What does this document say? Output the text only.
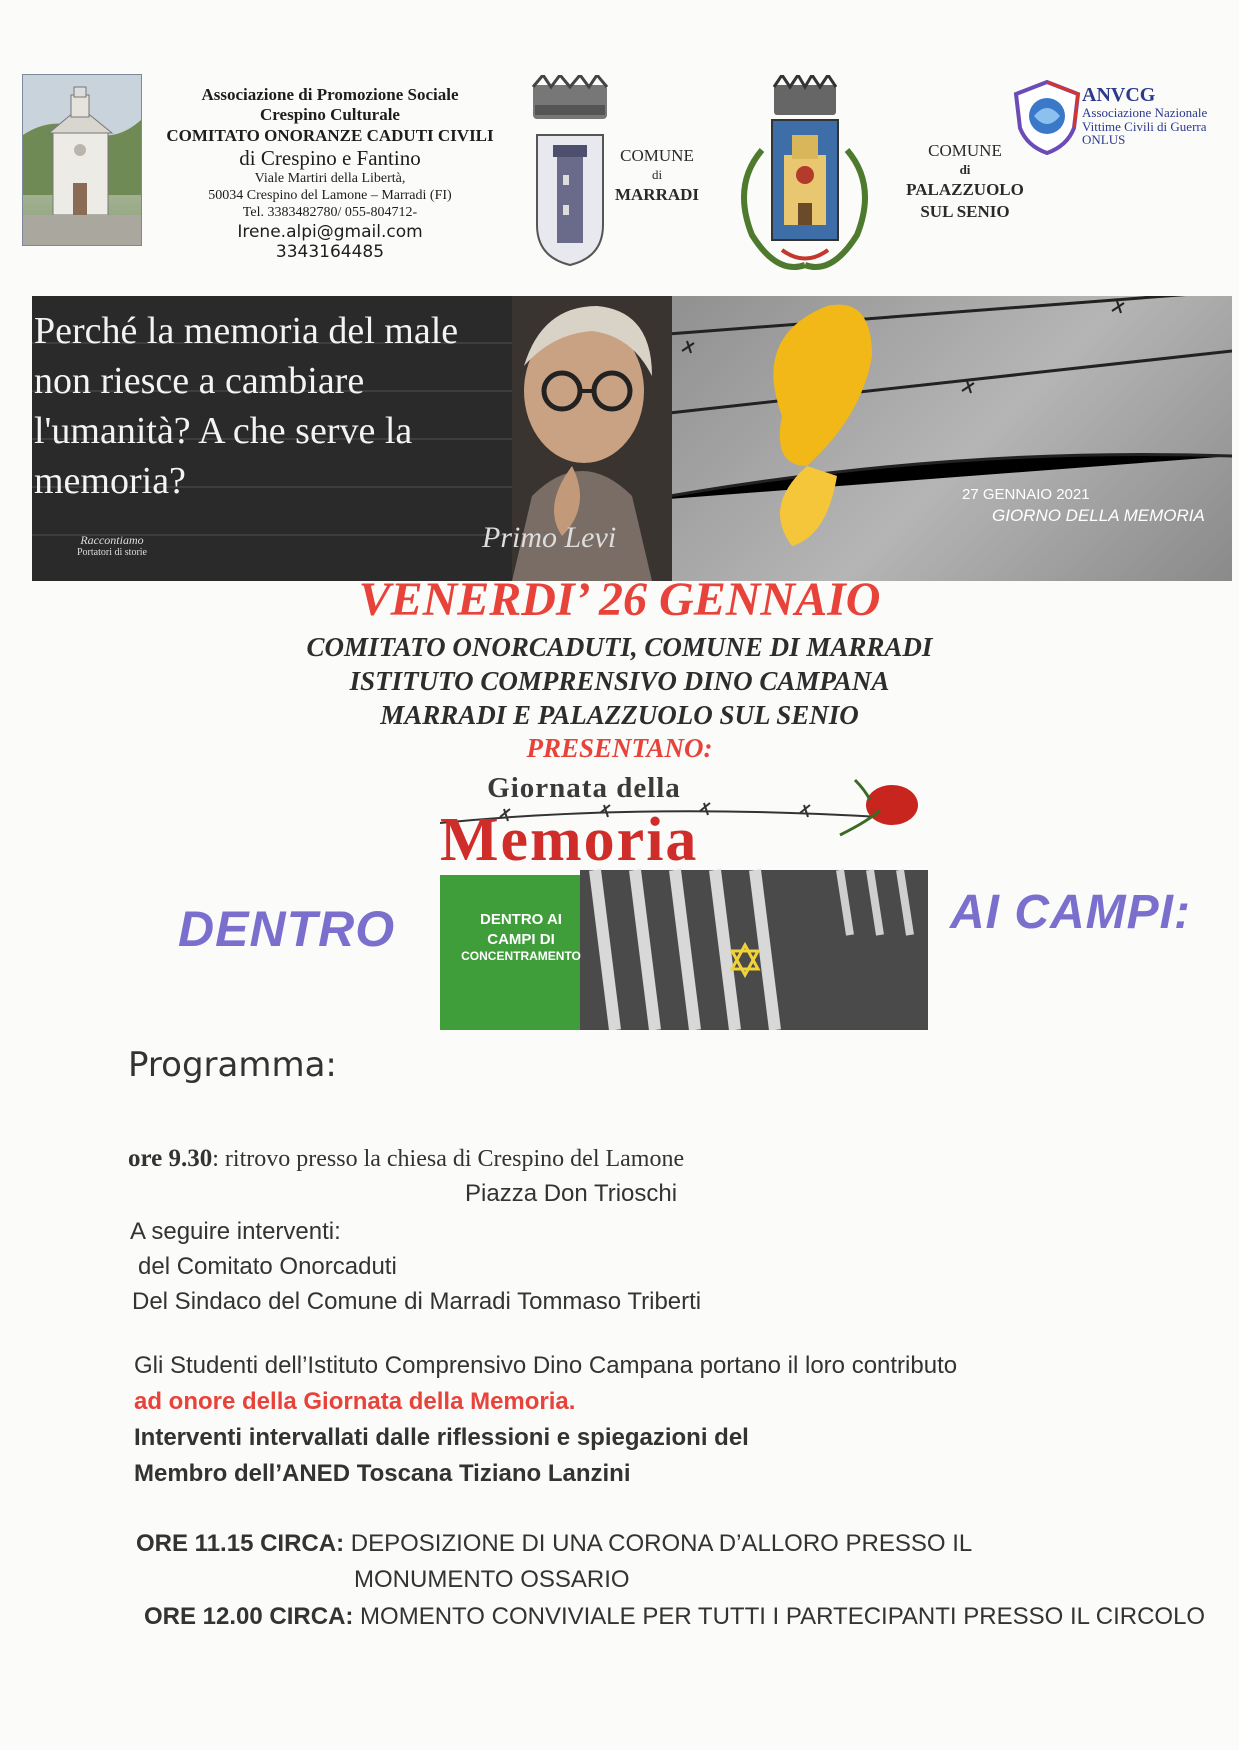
Associazione di Promozione Sociale
Crespino Culturale
COMITATO ONORANZE CADUTI CIVILI
di Crespino e Fantino
Viale Martiri della Libertà,
50034 Crespino del Lamone – Marradi (FI)
Tel. 3383482780/ 055-804712-
Irene.alpi@gmail.com
3343164485
COMUNE
di
MARRADI
COMUNE
di
PALAZZUOLO
SUL SENIO
ANVCG
Associazione Nazionale
Vittime Civili di Guerra
ONLUS
Perché la memoria del male
non riesce a cambiare
l'umanità? A che serve la
memoria?
Raccontiamo
Portatori di storie	Primo Levi
27 GENNAIO 2021
GIORNO DELLA MEMORIA
VENERDI’ 26 GENNAIO
COMITATO ONORCADUTI, COMUNE DI MARRADI
ISTITUTO COMPRENSIVO DINO CAMPANA
MARRADI E PALAZZUOLO SUL SENIO
PRESENTANO:
Giornata della
Memoria
DENTRO AI
CAMPI DI
CONCENTRAMENTO
DENTRO	AI CAMPI:
Programma:
ore 9.30: ritrovo presso la chiesa di Crespino del Lamone
Piazza Don Trioschi
A seguire interventi:
del Comitato Onorcaduti
Del Sindaco del Comune di Marradi Tommaso Triberti
Gli Studenti dell’Istituto Comprensivo Dino Campana portano il loro contributo
ad onore della Giornata della Memoria.
Interventi intervallati dalle riflessioni e spiegazioni del
Membro dell’ANED Toscana Tiziano Lanzini
ORE 11.15 CIRCA: DEPOSIZIONE DI UNA CORONA D’ALLORO PRESSO IL
MONUMENTO OSSARIO
ORE 12.00 CIRCA: MOMENTO CONVIVIALE PER TUTTI I PARTECIPANTI PRESSO IL CIRCOLO
